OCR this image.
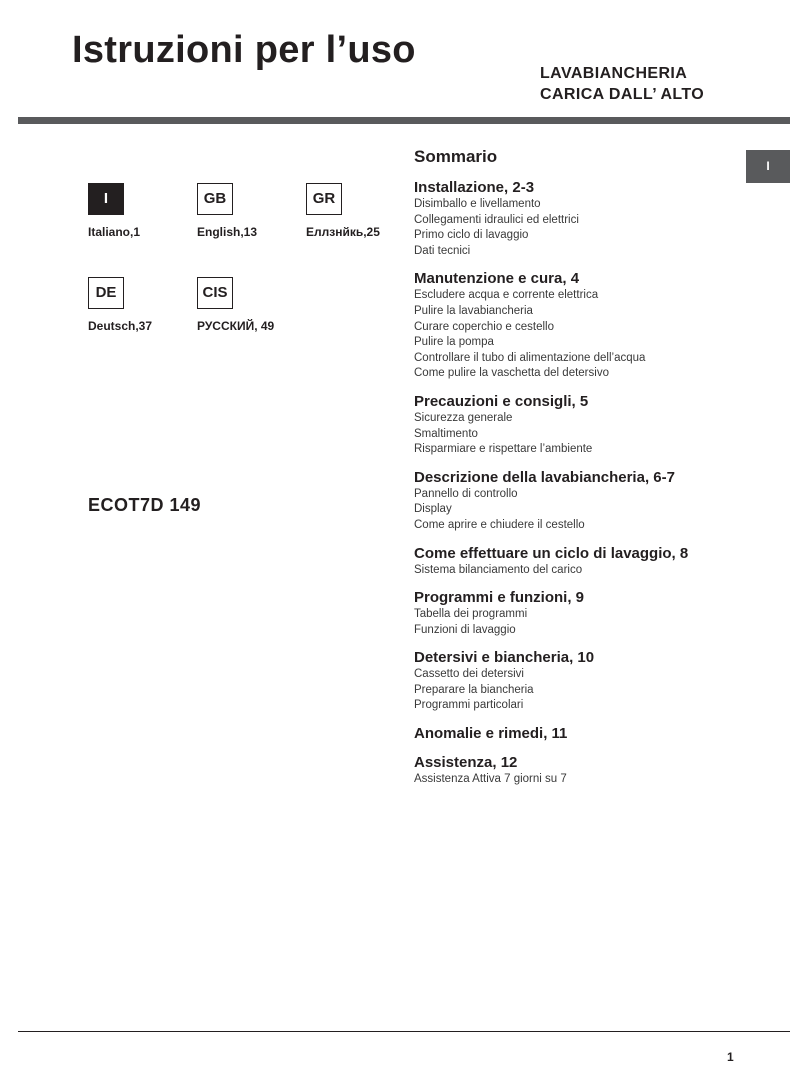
Istruzioni per l’uso
LAVABIANCHERIA
CARICA DALL’ ALTO
I
Italiano,1
GB
English,13
GR
Еллзнйкь,25
DE
Deutsch,37
CIS
РУССКИЙ, 49
ECOT7D 149
I
Sommario
Installazione, 2-3
Disimballo e livellamento
Collegamenti idraulici ed elettrici
Primo ciclo di lavaggio
Dati tecnici
Manutenzione e cura, 4
Escludere acqua e corrente elettrica
Pulire la lavabiancheria
Curare coperchio e cestello
Pulire la pompa
Controllare il tubo di alimentazione dell’acqua
Come pulire la vaschetta del detersivo
Precauzioni e consigli, 5
Sicurezza generale
Smaltimento
Risparmiare e rispettare l’ambiente
Descrizione della lavabiancheria, 6-7
Pannello di controllo
Display
Come aprire e chiudere il cestello
Come effettuare un ciclo di lavaggio, 8
Sistema bilanciamento del carico
Programmi e funzioni, 9
Tabella dei programmi
Funzioni di lavaggio
Detersivi e biancheria, 10
Cassetto dei detersivi
Preparare la biancheria
Programmi particolari
Anomalie e rimedi, 11
Assistenza, 12
Assistenza Attiva 7 giorni su 7
1
